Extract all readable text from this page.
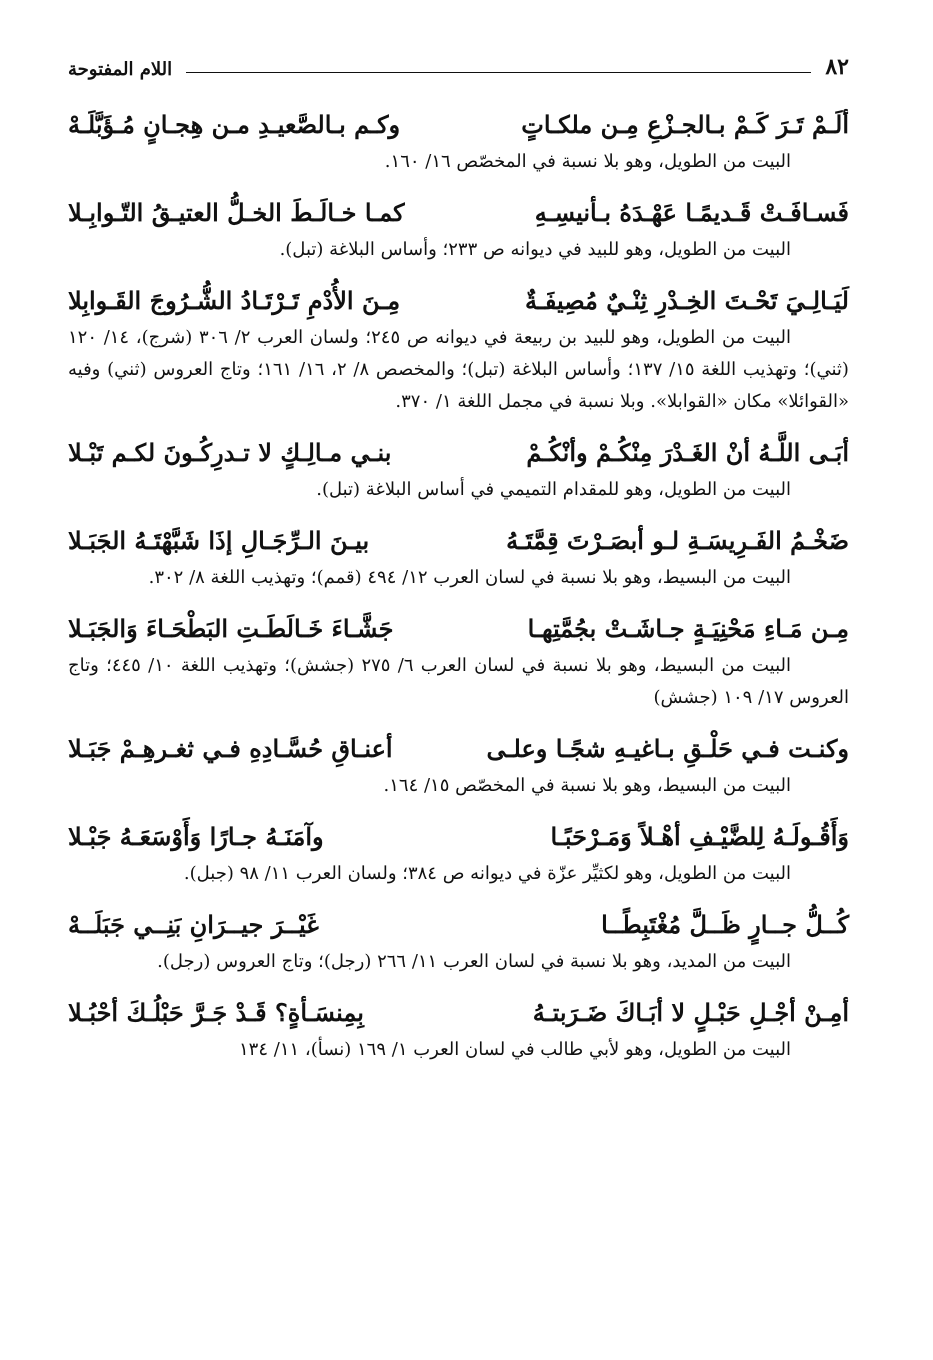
٨٢
اللام المفتوحة
ألَـمْ تَـرَ كَـمْ بـالجـزْعِ مِـن ملكـاتٍ
وكـم بـالصَّعيـدِ مـن هِجـانٍ مُـؤَبَّلَـهْ

البيت من الطويل، وهو بلا نسبة في المخصّص ١٦/ ١٦٠.

فَسـافَـتْ قَـديمًـا عَهْـدَهُ بـأنيسِـهِ
كمـا خـالَـطَ الخـلُّ العتيـقُ التّـوابِـلا

البيت من الطويل، وهو للبيد في ديوانه ص ٢٣٣؛ وأساس البلاغة (تبل).

لَيَـالِـيَ تَحْـتَ الخِـدْرِ ثِنْـيٌ مُصِيفَـةٌ
مِـنَ الأُدْمِ تَـرْتَـادُ الشُّـرُوجَ القَـوابِلا

البيت من الطويل، وهو للبيد بن ربيعة في ديوانه ص ٢٤٥؛ ولسان العرب ٢/ ٣٠٦ (شرج)، ١٤/ ١٢٠ (ثني)؛ وتهذيب اللغة ١٥/ ١٣٧؛ وأساس البلاغة (تبل)؛ والمخصص ٨/ ٢، ١٦/ ١٦١؛ وتاج العروس (ثني) وفيه «القوائلا» مكان «القوابلا». وبلا نسبة في مجمل اللغة ١/ ٣٧٠.

أبَـى اللَّـهُ أنْ الغَـدْرَ مِنْكُـمْ وأنْكُـمْ
بنـي مـالِـكٍ لا تـدرِكُـونَ لكـم تَبْـلا

البيت من الطويل، وهو للمقدام التميمي في أساس البلاغة (تبل).

ضَخْـمُ الفَـرِيسَـةِ لـو أبصَـرْتَ قِمَّتَـهُ
بيـنَ الـرِّجَـالِ إذَا شَبَّهْتَـهُ الجَبَـلا

البيت من البسيط، وهو بلا نسبة في لسان العرب ١٢/ ٤٩٤ (قمم)؛ وتهذيب اللغة ٨/ ٣٠٢.

مِـن مَـاءِ مَحْنِيَـةٍ جـاشَـتْ بجُمَّتِهـا
جَشَّـاءَ خَـالَطَـتِ البَطْحَـاءَ وَالجَبَـلا

البيت من البسيط، وهو بلا نسبة في لسان العرب ٦/ ٢٧٥ (جشش)؛ وتهذيب اللغة ١٠/ ٤٤٥؛ وتاج العروس ١٧/ ١٠٩ (جشش)

وكنـت فـي حَلْـقِ بـاغيـهِ شجًـا وعلـى
أعنـاقِ حُسَّـادِهِ فـي ثغـرهِـمْ جَبَـلا

البيت من البسيط، وهو بلا نسبة في المخصّص ١٥/ ١٦٤.

وَأَقُـولَـهُ لِلضَّيْـفِ أهْـلاً وَمَـرْحَبًـا
وآمَنَـهُ جـارًا وَأَوْسَعَـهُ جَبْـلا

البيت من الطويل، وهو لكثيِّر عزّة في ديوانه ص ٣٨٤؛ ولسان العرب ١١/ ٩٨ (جبل).

كُــلُّ جــارٍ ظَــلَّ مُغْتَبِطًــا
غَيْــرَ جيــرَانِ بَنِــي جَبَلَــهْ

البيت من المديد، وهو بلا نسبة في لسان العرب ١١/ ٢٦٦ (رجل)؛ وتاج العروس (رجل).

أمِـنْ أجْـلِ حَبْـلٍ لا أبَـاكَ ضَـرَبتـهُ
بِمِنسَـأةٍ؟ قَـدْ جَـرَّ حَبْلُـكَ أحْبُـلا

البيت من الطويل، وهو لأبي طالب في لسان العرب ١/ ١٦٩ (نسأ)، ١١/ ١٣٤
